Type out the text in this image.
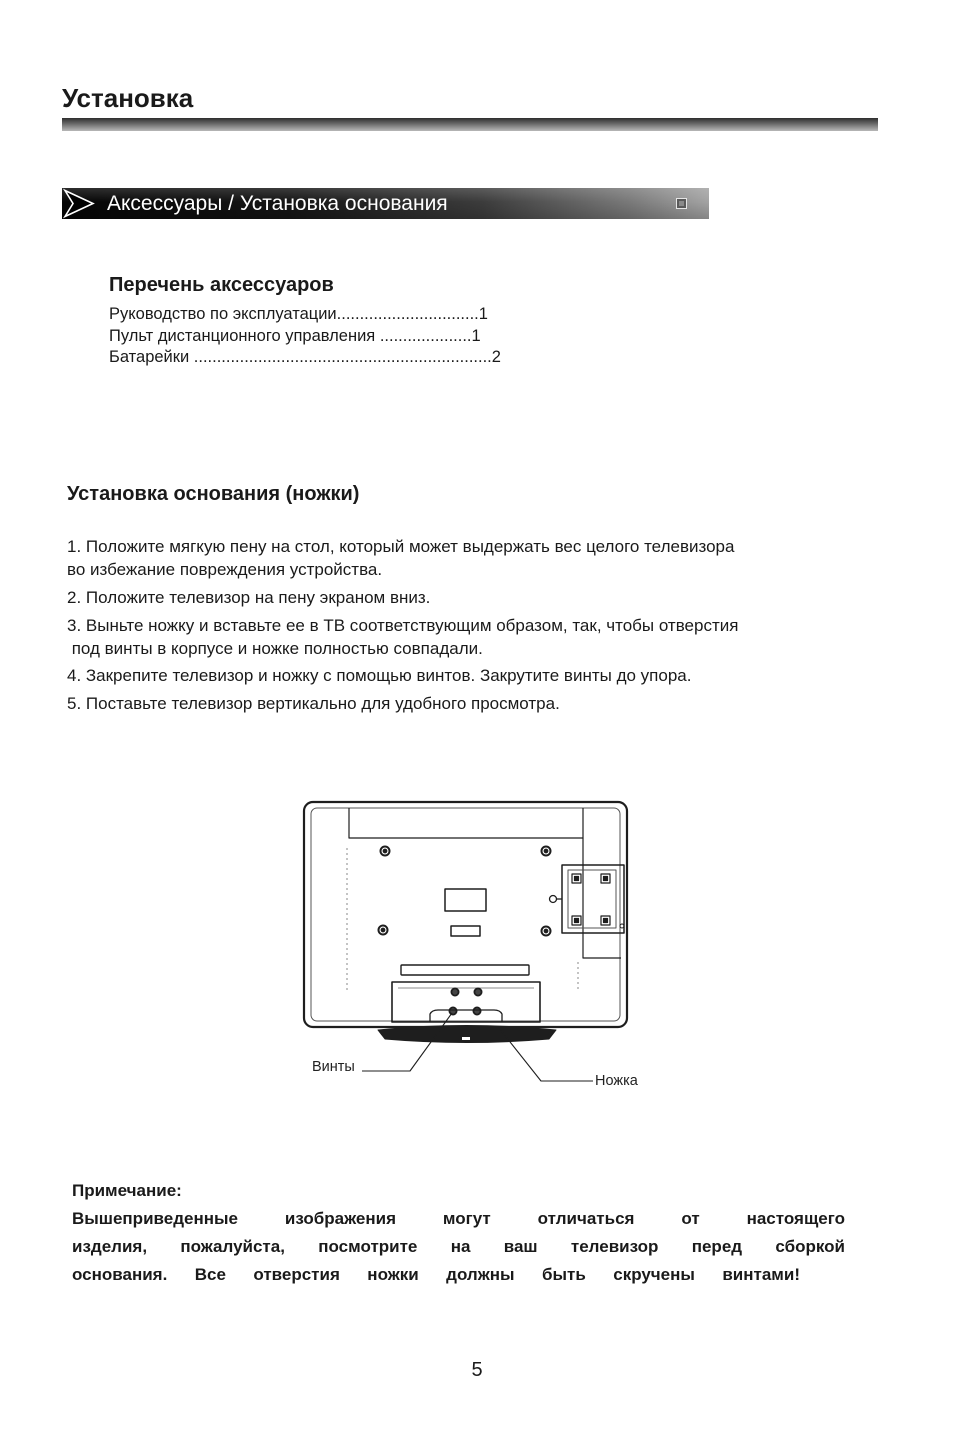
Установка
Аксессуары / Установка основания
Перечень аксессуаров
Руководство по эксплуатации...............................1
Пульт дистанционного управления ....................1
Батарейки .................................................................2
Установка основания (ножки)
1. Положите мягкую пену на стол, который может выдержать вес целого телевизора
во избежание повреждения устройства.
2. Положите телевизор на пену экраном вниз.
3. Выньте ножку и вставьте ее в ТВ соответствующим образом, так, чтобы отверстия
под винты в корпусе и ножке полностью совпадали.
4. Закрепите телевизор и ножку с помощью винтов. Закрутите винты до упора.
5. Поставьте телевизор вертикально для удобного просмотра.
Винты
Ножка
Примечание:
Вышеприведенные изображения могут отличаться от настоящего
изделия, пожалуйста, посмотрите на ваш телевизор перед сборкой
основания. Все отверстия ножки должны быть скручены винтами!
5
